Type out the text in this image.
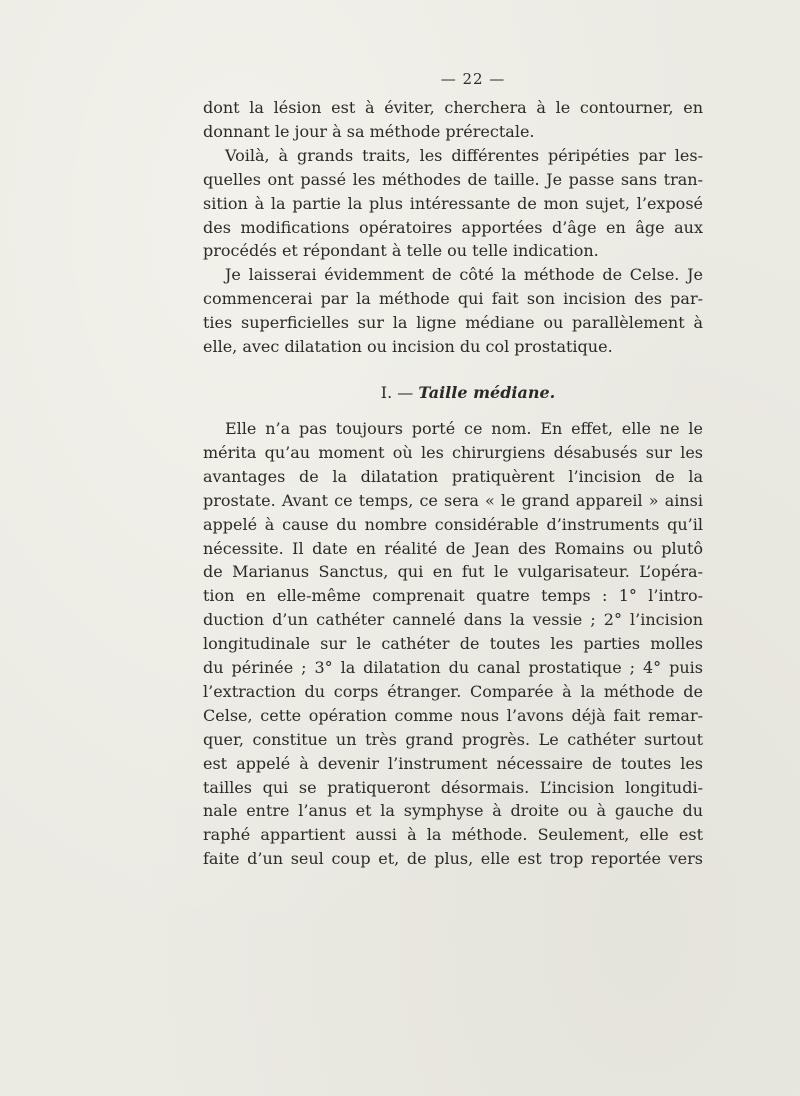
— 22 —
dont la lésion est à éviter, cherchera à le contourner, en
donnant le jour à sa méthode prérectale.
Voilà, à grands traits, les différentes péripéties par les-
quelles ont passé les méthodes de taille. Je passe sans tran-
sition à la partie la plus intéressante de mon sujet, l’exposé
des modifications opératoires apportées d’âge en âge aux
procédés et répondant à telle ou telle indication.
Je laisserai évidemment de côté la méthode de Celse. Je
commencerai par la méthode qui fait son incision des par-
ties superficielles sur la ligne médiane ou parallèlement à
elle, avec dilatation ou incision du col prostatique.
I. — Taille médiane.
Elle n’a pas toujours porté ce nom. En effet, elle ne le
mérita qu’au moment où les chirurgiens désabusés sur les
avantages de la dilatation pratiquèrent l’incision de la
prostate. Avant ce temps, ce sera « le grand appareil » ainsi
appelé à cause du nombre considérable d’instruments qu’il
nécessite. Il date en réalité de Jean des Romains ou plutô
de Marianus Sanctus, qui en fut le vulgarisateur. L’opéra-
tion en elle-même comprenait quatre temps : 1° l’intro-
duction d’un cathéter cannelé dans la vessie ; 2° l’incision
longitudinale sur le cathéter de toutes les parties molles
du périnée ; 3° la dilatation du canal prostatique ; 4° puis
l’extraction du corps étranger. Comparée à la méthode de
Celse, cette opération comme nous l’avons déjà fait remar-
quer, constitue un très grand progrès. Le cathéter surtout
est appelé à devenir l’instrument nécessaire de toutes les
tailles qui se pratiqueront désormais. L’incision longitudi-
nale entre l’anus et la symphyse à droite ou à gauche du
raphé appartient aussi à la méthode. Seulement, elle est
faite d’un seul coup et, de plus, elle est trop reportée vers
